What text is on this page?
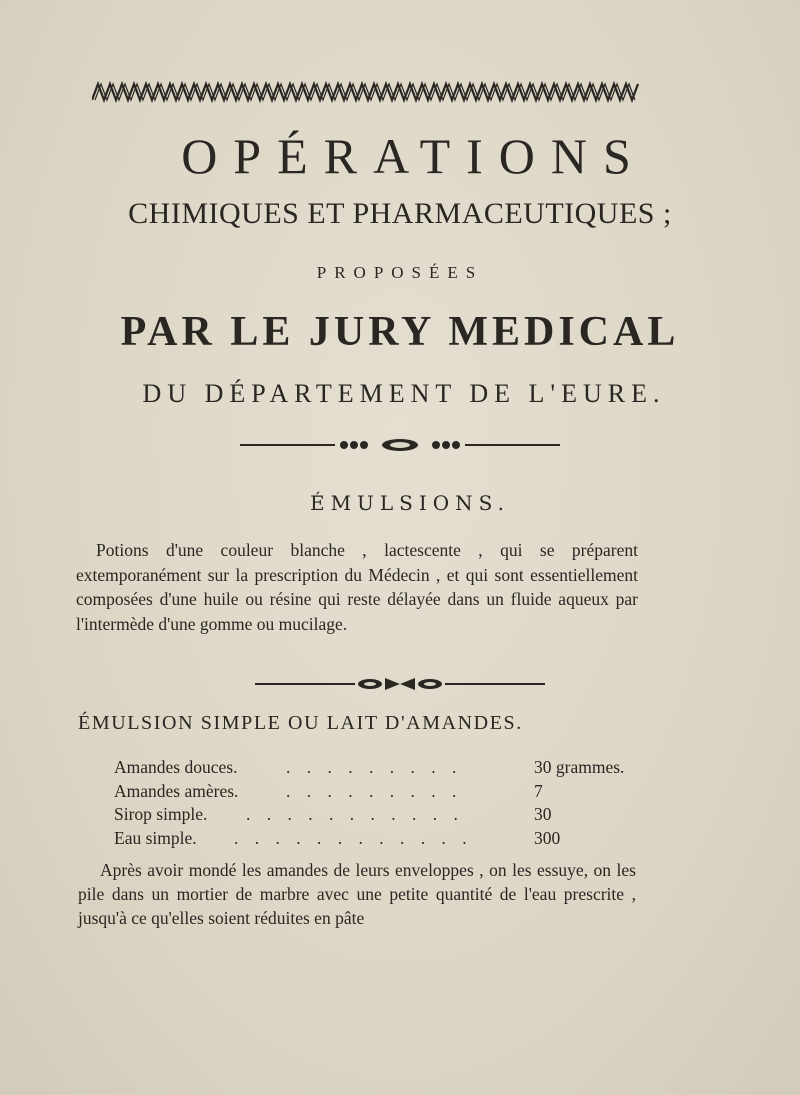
OPÉRATIONS
CHIMIQUES ET PHARMACEUTIQUES ;
PROPOSÉES
PAR LE JURY MEDICAL
DU DÉPARTEMENT DE L'EURE.
ÉMULSIONS.
Potions d'une couleur blanche , lactescente , qui se préparent extemporanément sur la prescription du Médecin , et qui sont essentiellement composées d'une huile ou résine qui reste délayée dans un fluide aqueux par l'intermède d'une gomme ou mucilage.
ÉMULSION SIMPLE OU LAIT D'AMANDES.
Amandes douces.	. . . . . . . . .	30 grammes.
Amandes amères.	. . . . . . . . .	7
Sirop simple. . . . . . . . . . . .	30
Eau simple. . . . . . . . . . . . .	300
Après avoir mondé les amandes de leurs enveloppes , on les essuye, on les pile dans un mortier de marbre avec une petite quantité de l'eau prescrite , jusqu'à ce qu'elles soient réduites en pâte
